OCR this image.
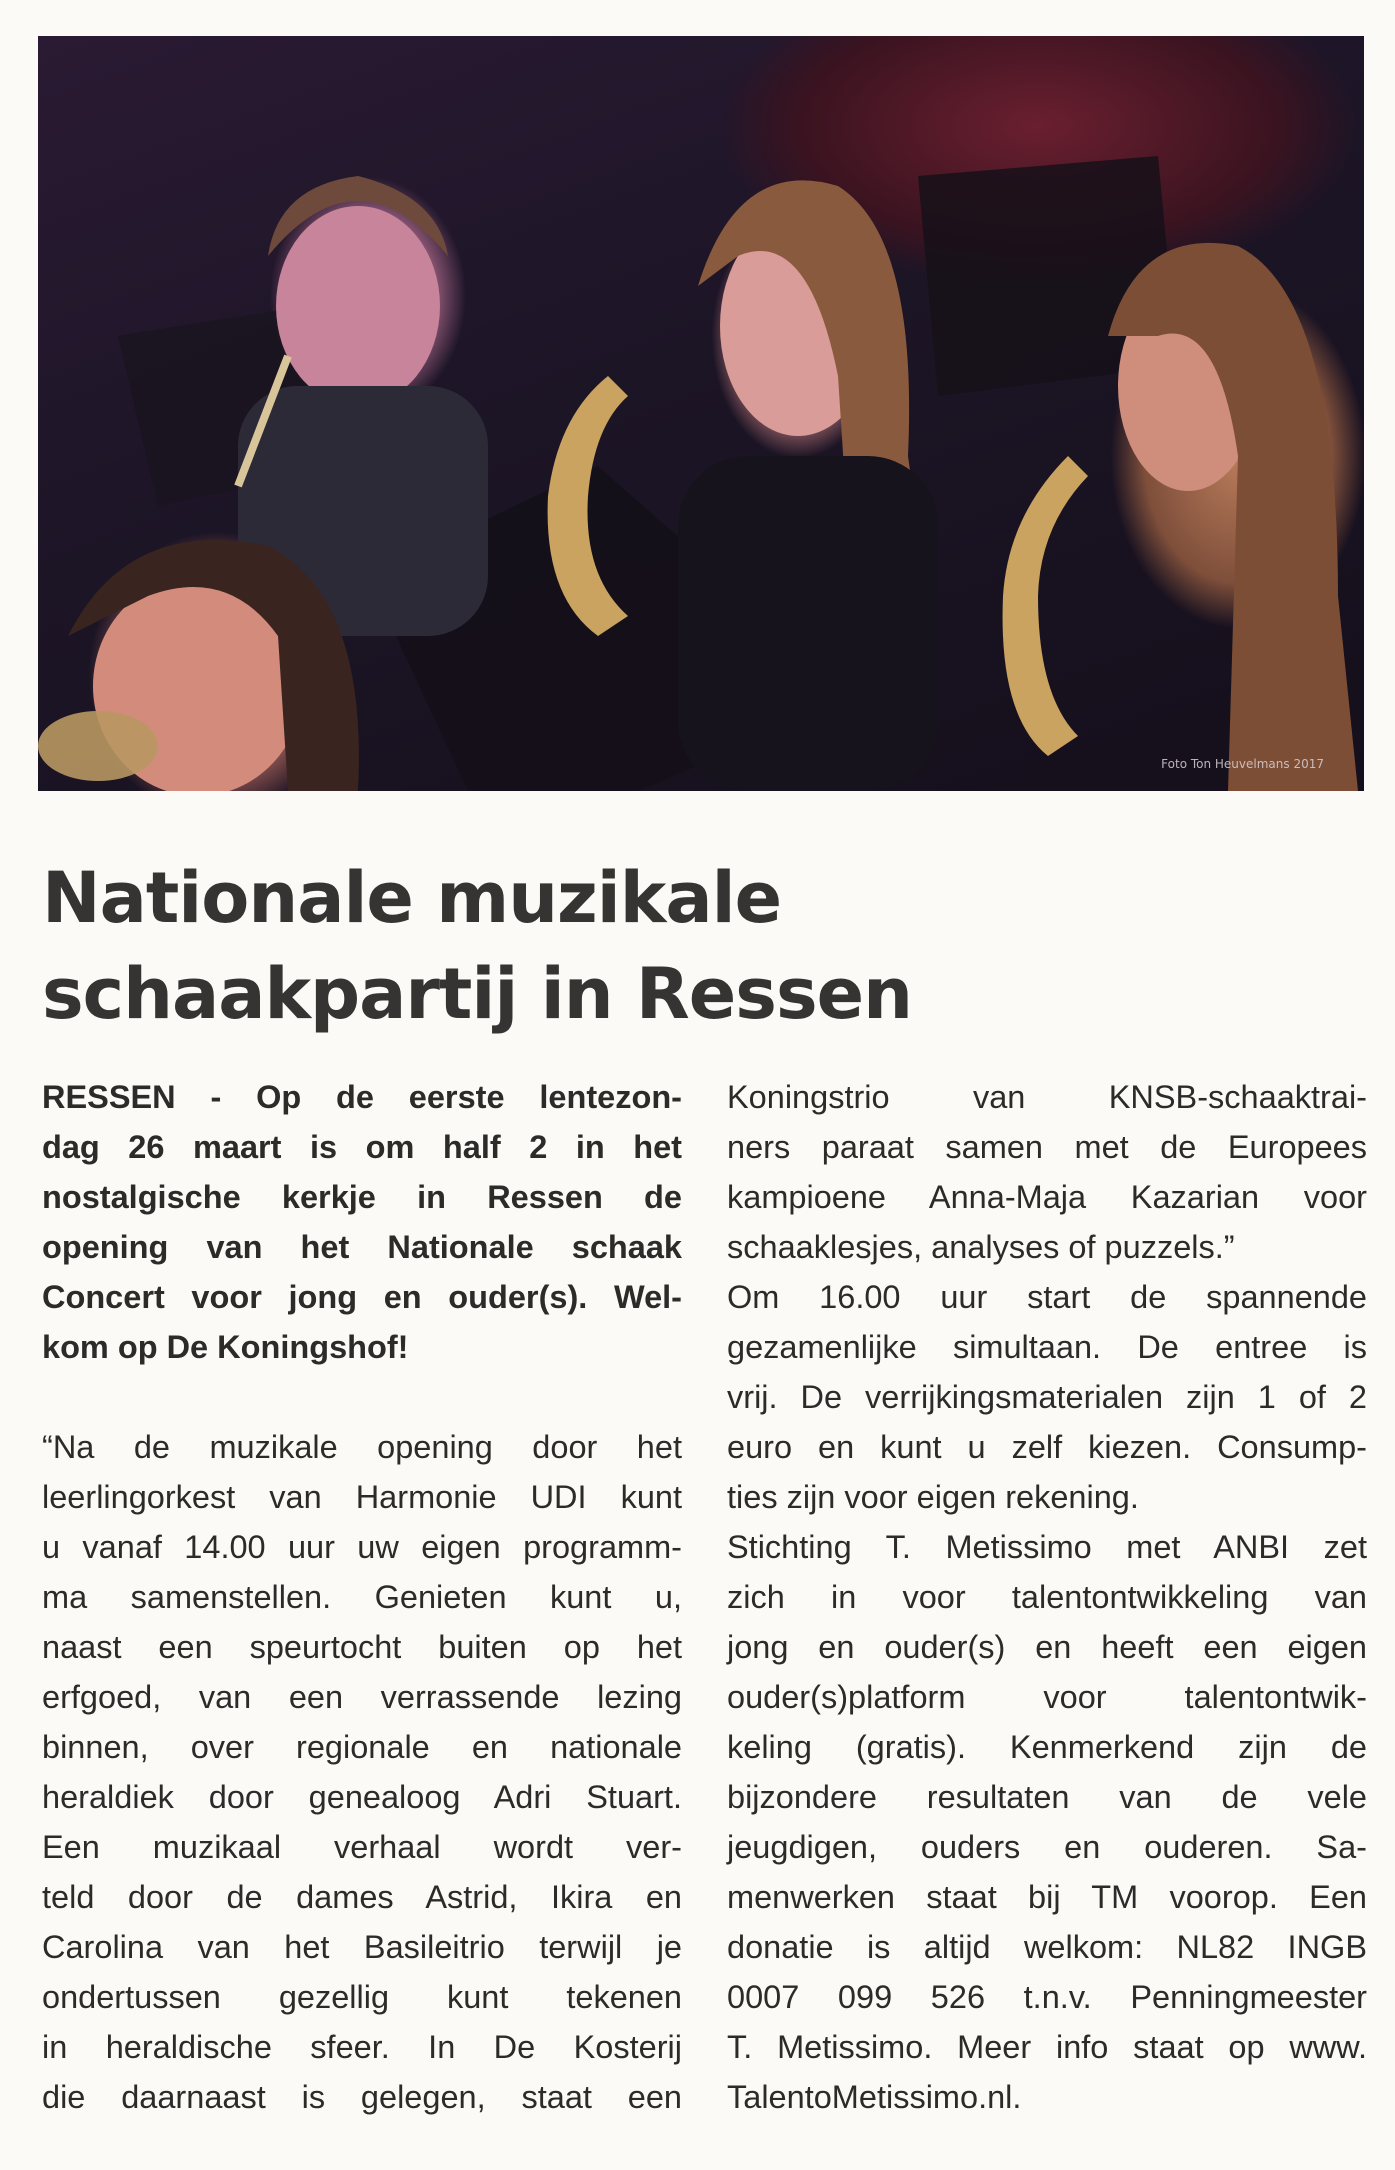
Foto Ton Heuvelmans 2017
Nationale muzikale
schaakpartij in Ressen
RESSEN - Op de eerste lentezon-
dag 26 maart is om half 2 in het
nostalgische kerkje in Ressen de
opening van het Nationale schaak
Concert voor jong en ouder(s). Wel-
kom op De Koningshof!
“Na de muzikale opening door het
leerlingorkest van Harmonie UDI kunt
u vanaf 14.00 uur uw eigen programm-
ma samenstellen. Genieten kunt u,
naast een speurtocht buiten op het
erfgoed, van een verrassende lezing
binnen, over regionale en nationale
heraldiek door genealoog Adri Stuart.
Een muzikaal verhaal wordt ver-
teld door de dames Astrid, Ikira en
Carolina van het Basileitrio terwijl je
ondertussen gezellig kunt tekenen
in heraldische sfeer. In De Kosterij
die daarnaast is gelegen, staat een
Koningstrio van KNSB-schaaktrai-
ners paraat samen met de Europees
kampioene Anna-Maja Kazarian voor
schaaklesjes, analyses of puzzels.”
Om 16.00 uur start de spannende
gezamenlijke simultaan. De entree is
vrij. De verrijkingsmaterialen zijn 1 of 2
euro en kunt u zelf kiezen. Consump-
ties zijn voor eigen rekening.
Stichting T. Metissimo met ANBI zet
zich in voor talentontwikkeling van
jong en ouder(s) en heeft een eigen
ouder(s)platform voor talentontwik-
keling (gratis). Kenmerkend zijn de
bijzondere resultaten van de vele
jeugdigen, ouders en ouderen. Sa-
menwerken staat bij TM voorop. Een
donatie is altijd welkom: NL82 INGB
0007 099 526 t.n.v. Penningmeester
T. Metissimo. Meer info staat op www.
TalentoMetissimo.nl.
